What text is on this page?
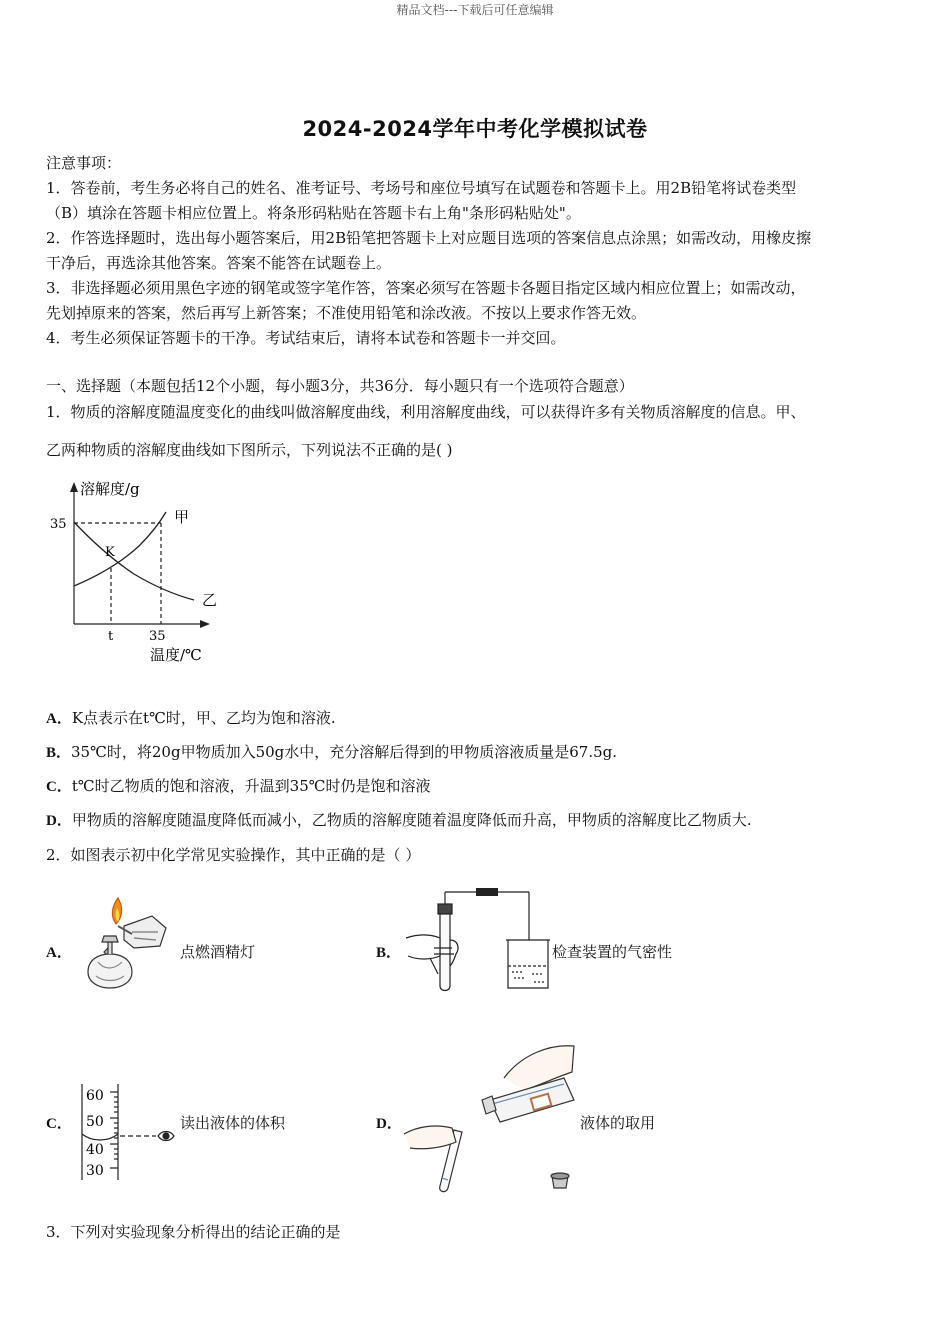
精品文档---下载后可任意编辑
2024-2024学年中考化学模拟试卷
注意事项：
1．答卷前，考生务必将自己的姓名、准考证号、考场号和座位号填写在试题卷和答题卡上。用2B铅笔将试卷类型
（B）填涂在答题卡相应位置上。将条形码粘贴在答题卡右上角"条形码粘贴处"。
2．作答选择题时，选出每小题答案后，用2B铅笔把答题卡上对应题目选项的答案信息点涂黑；如需改动，用橡皮擦
干净后，再选涂其他答案。答案不能答在试题卷上。
3．非选择题必须用黑色字迹的钢笔或签字笔作答，答案必须写在答题卡各题目指定区域内相应位置上；如需改动，
先划掉原来的答案，然后再写上新答案；不准使用铅笔和涂改液。不按以上要求作答无效。
4．考生必须保证答题卡的干净。考试结束后，请将本试卷和答题卡一并交回。
一、选择题（本题包括12个小题，每小题3分，共36分．每小题只有一个选项符合题意）
1．物质的溶解度随温度变化的曲线叫做溶解度曲线，利用溶解度曲线，可以获得许多有关物质溶解度的信息。甲、
乙两种物质的溶解度曲线如下图所示，下列说法不正确的是( )
溶解度/g
35
K
甲
乙
t	35
温度/℃
A．K点表示在t℃时，甲、乙均为饱和溶液.
B．35℃时，将20g甲物质加入50g水中，充分溶解后得到的甲物质溶液质量是67.5g.
C．t℃时乙物质的饱和溶液，升温到35℃时仍是饱和溶液
D．甲物质的溶解度随温度降低而减小，乙物质的溶解度随着温度降低而升高，甲物质的溶解度比乙物质大.
2．如图表示初中化学常见实验操作，其中正确的是（ ）
A．	点燃酒精灯	B．	检查装置的气密性
C．
60
50
40
30
读出液体的体积	D．	液体的取用
3．下列对实验现象分析得出的结论正确的是
